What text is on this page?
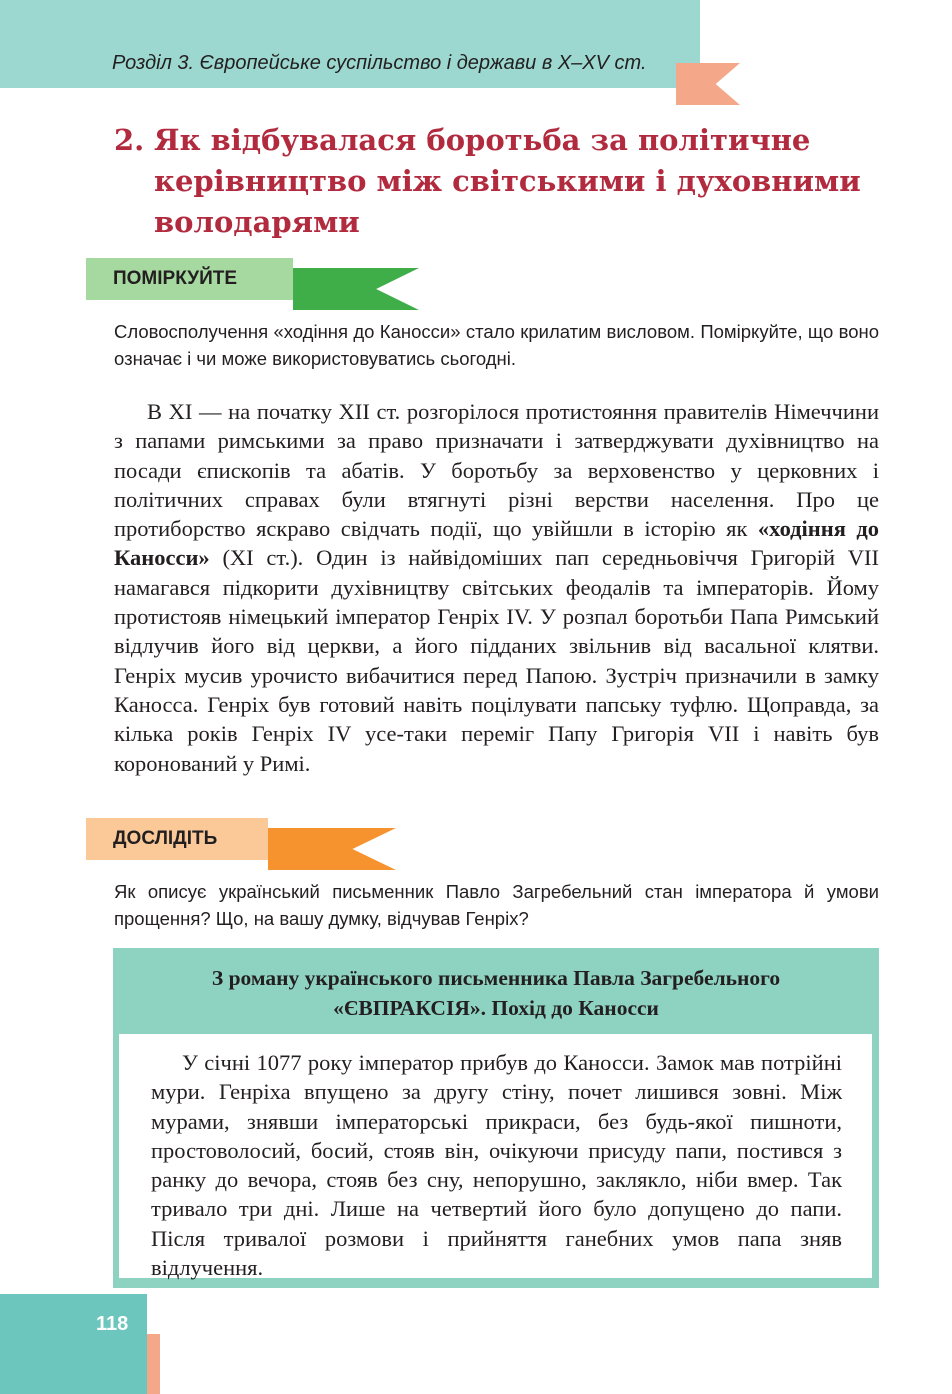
Розділ 3. Європейське суспільство і держави в X–XV ст.
2. Як відбувалася боротьба за політичне керівництво між світськими і духовними володарями
ПОМІРКУЙТЕ

Словосполучення «ходіння до Каносси» стало крилатим висловом. Поміркуйте, що воно означає і чи може використовуватись сьогодні.

В XI — на початку XII ст. розгорілося протистояння правителів Німеччини з папами римськими за право призначати і затверджувати духівництво на посади єпископів та абатів. У боротьбу за верховенство у церковних і політичних справах були втягнуті різні верстви населення. Про це протиборство яскраво свідчать події, що увійшли в історію як «ходіння до Каносси» (XI ст.). Один із найвідоміших пап середньовіччя Григорій VII намагався підкорити духівництву світських феодалів та імператорів. Йому протистояв німецький імператор Генріх IV. У розпал боротьби Папа Римський відлучив його від церкви, а його підданих звільнив від васальної клятви. Генріх мусив урочисто вибачитися перед Папою. Зустріч призначили в замку Каносса. Генріх був готовий навіть поцілувати папську туфлю. Щоправда, за кілька років Генріх IV усе-таки переміг Папу Григорія VII і навіть був коронований у Римі.

ДОСЛІДІТЬ

Як описує український письменник Павло Загребельний стан імператора й умови прощення? Що, на вашу думку, відчував Генріх?

З роману українського письменника Павла Загребельного
«ЄВПРАКСІЯ». Похід до Каносси

У січні 1077 року імператор прибув до Каносси. Замок мав потрійні мури. Генріха впущено за другу стіну, почет лишився зовні. Між мурами, знявши імператорські прикраси, без будь-якої пишноти, простоволосий, босий, стояв він, очікуючи присуду папи, постився з ранку до вечора, стояв без сну, непорушно, заклякло, ніби вмер. Так тривало три дні. Лише на четвертий його було допущено до папи. Після тривалої розмови і прийняття ганебних умов папа зняв відлучення.

118
